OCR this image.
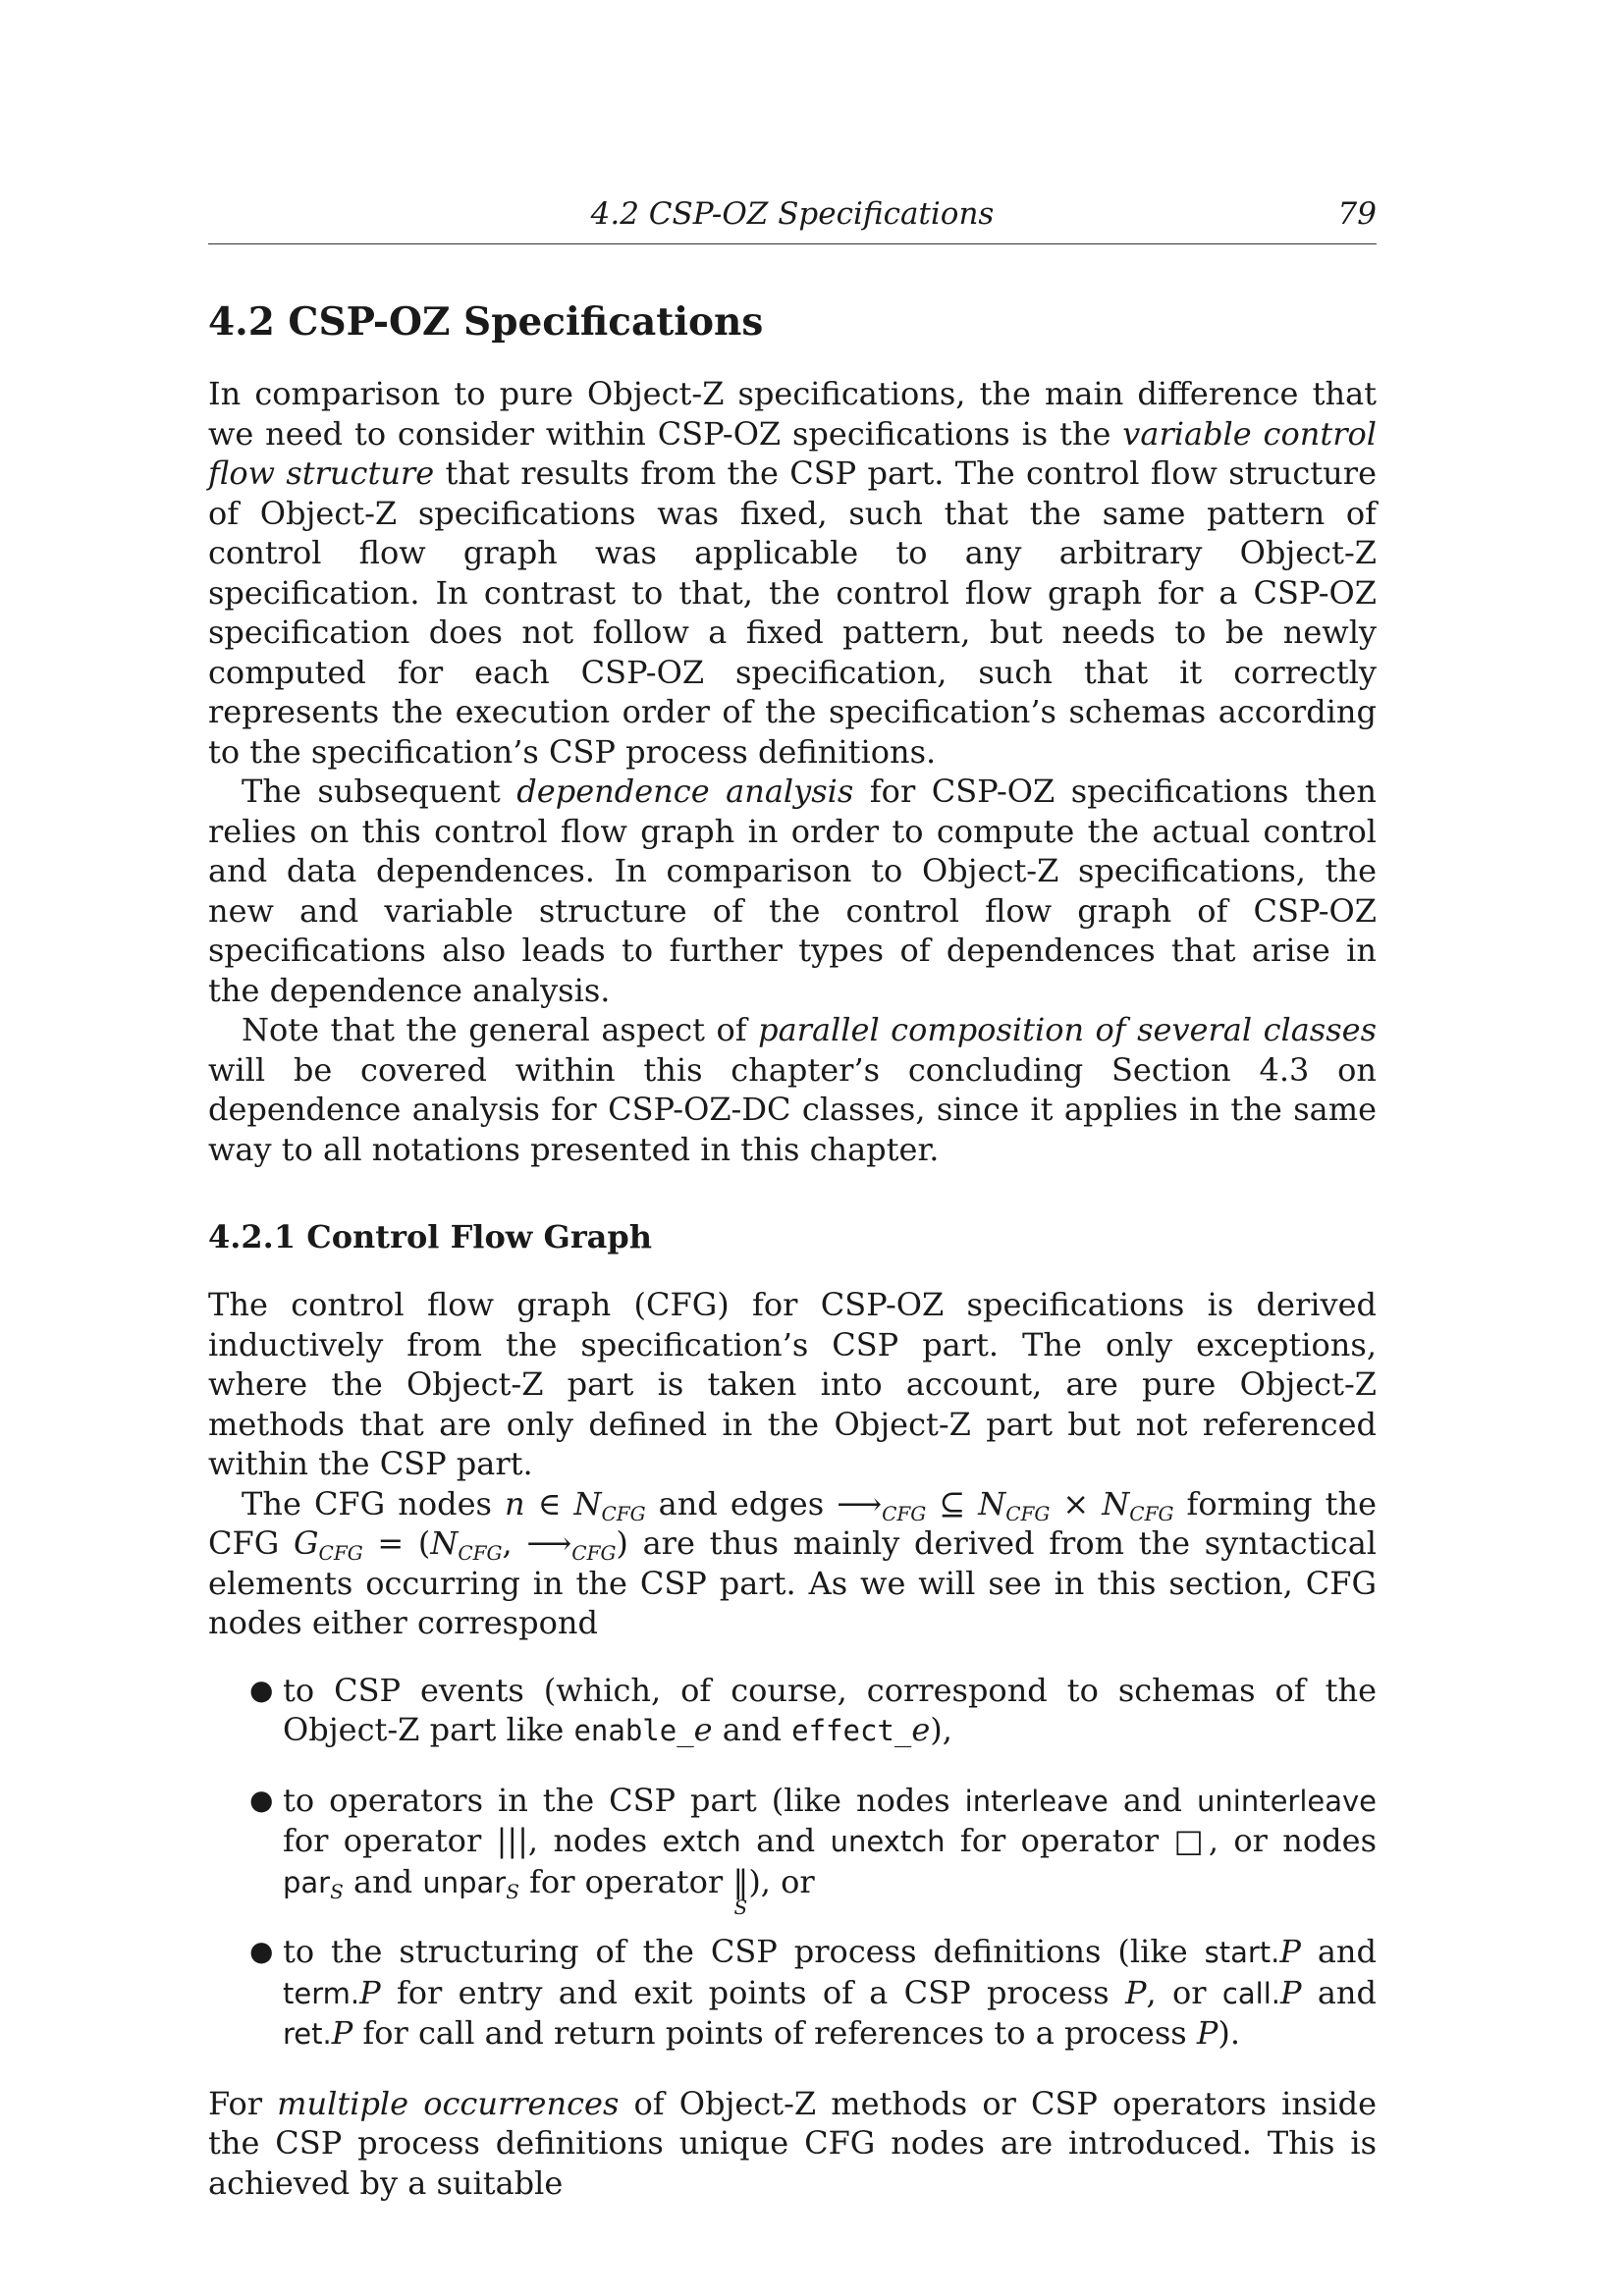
4.2 CSP-OZ Specifications	79
4.2 CSP-OZ Specifications

In comparison to pure Object-Z specifications, the main difference that we need to consider within CSP-OZ specifications is the variable control flow structure that results from the CSP part. The control flow structure of Object-Z specifications was fixed, such that the same pattern of control flow graph was applicable to any arbitrary Object-Z specification. In contrast to that, the control flow graph for a CSP-OZ specification does not follow a fixed pattern, but needs to be newly computed for each CSP-OZ specification, such that it correctly represents the execution order of the specification’s schemas according to the specification’s CSP process definitions.

The subsequent dependence analysis for CSP-OZ specifications then relies on this control flow graph in order to compute the actual control and data dependences. In comparison to Object-Z specifications, the new and variable structure of the control flow graph of CSP-OZ specifications also leads to further types of dependences that arise in the dependence analysis.

Note that the general aspect of parallel composition of several classes will be covered within this chapter’s concluding Section 4.3 on dependence analysis for CSP-OZ-DC classes, since it applies in the same way to all notations presented in this chapter.

4.2.1 Control Flow Graph

The control flow graph (CFG) for CSP-OZ specifications is derived inductively from the specification’s CSP part. The only exceptions, where the Object-Z part is taken into account, are pure Object-Z methods that are only defined in the Object-Z part but not referenced within the CSP part.

The CFG nodes n ∈ $N_{CFG}$ and edges $⟶_{CFG}$ ⊆ $N_{CFG} \times N_{CFG}$ forming the CFG $G_{CFG} = (N_{CFG}$, $⟶_{CFG}$) are thus mainly derived from the syntactical elements occurring in the CSP part. As we will see in this section, CFG nodes either correspond

● to CSP events (which, of course, correspond to schemas of the Object-Z part like enable_e and effect_e),
● to operators in the CSP part (like nodes interleave and uninterleave for operator |||, nodes extch and unextch for operator □, or nodes par$_S$ and unpar$_S$ for operator ‖
S
), or
● to the structuring of the CSP process definitions (like start.P and term.P for entry and exit points of a CSP process P, or call.P and ret.P for call and return points of references to a process P).

For multiple occurrences of Object-Z methods or CSP operators inside the CSP process definitions unique CFG nodes are introduced. This is achieved by a suitable
